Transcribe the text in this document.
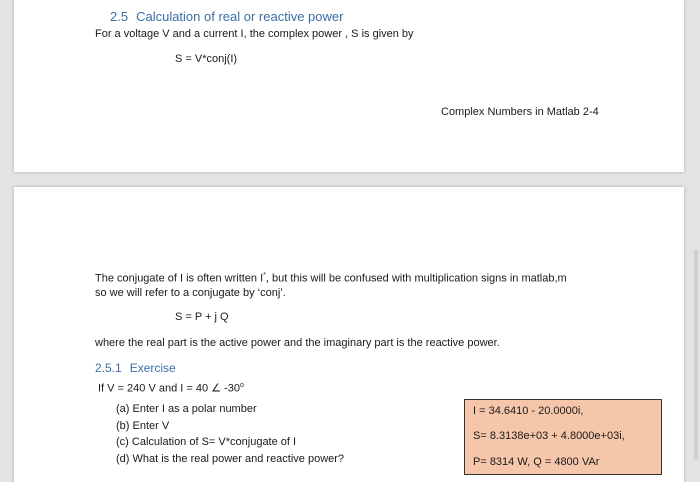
2.5 Calculation of real or reactive power
For a voltage V and a current I, the complex power , S is given by
S = V*conj(I)
Complex Numbers in Matlab 2-4
The conjugate of I is often written I*, but this will be confused with multiplication signs in matlab,m
so we will refer to a conjugate by ‘conj’.
S = P + j Q
where the real part is the active power and the imaginary part is the reactive power.
2.5.1 Exercise
If V = 240 V and I = 40 ∠ -30$^o$
(a) Enter I as a polar number
(b) Enter V
(c) Calculation of S= V*conjugate of I
(d) What is the real power and reactive power?
I = 34.6410 - 20.0000i,
S= 8.3138e+03 + 4.8000e+03i,
P= 8314 W, Q = 4800 VAr
